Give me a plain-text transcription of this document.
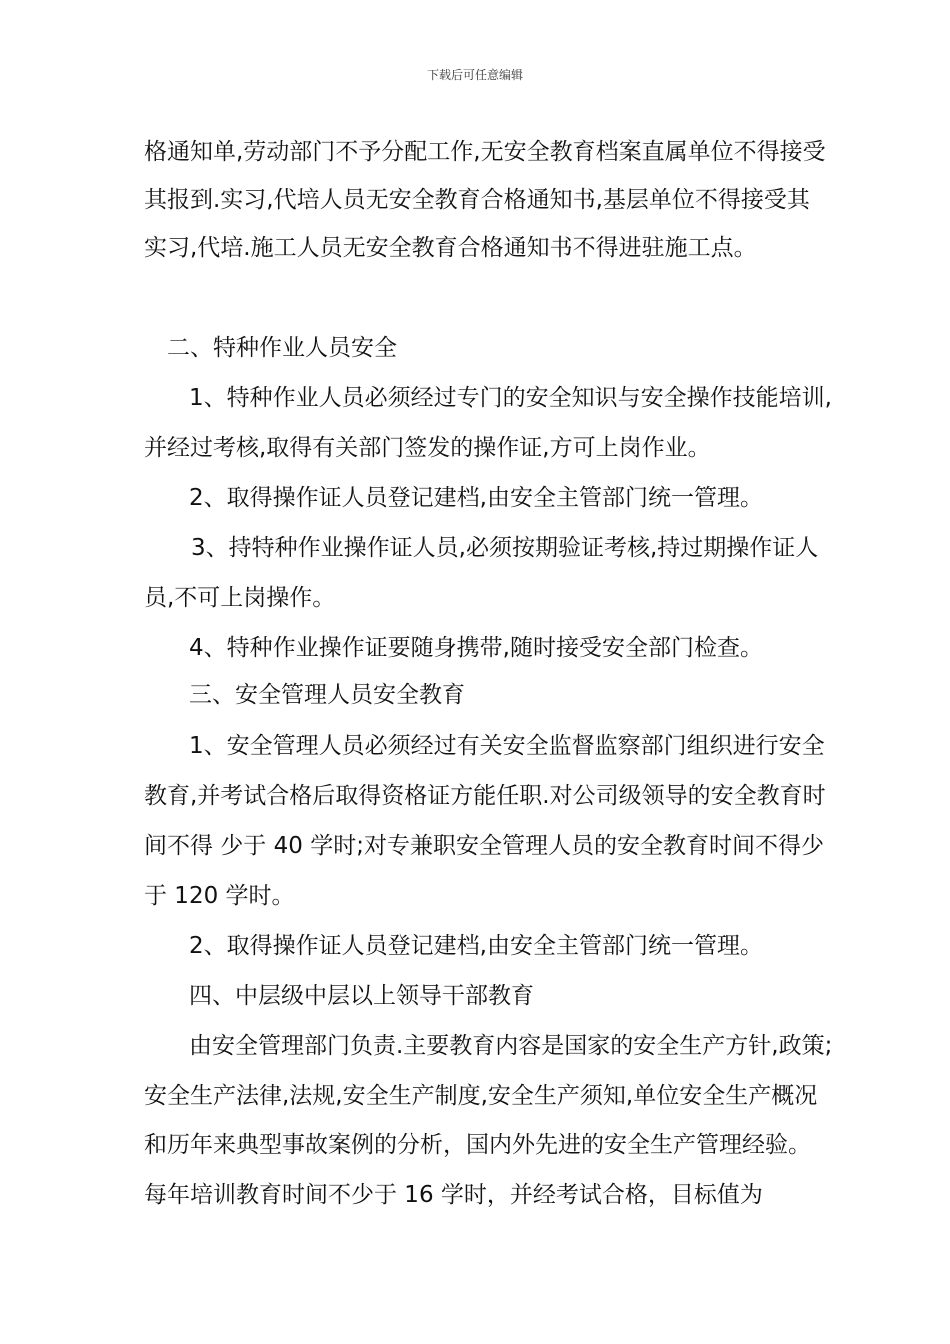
下载后可任意编辑
格通知单,劳动部门不予分配工作,无安全教育档案直属单位不得接受
其报到.实习,代培人员无安全教育合格通知书,基层单位不得接受其
实习,代培.施工人员无安全教育合格通知书不得进驻施工点。
二、特种作业人员安全
1、特种作业人员必须经过专门的安全知识与安全操作技能培训,
并经过考核,取得有关部门签发的操作证,方可上岗作业。
2、取得操作证人员登记建档,由安全主管部门统一管理。
3、持特种作业操作证人员,必须按期验证考核,持过期操作证人
员,不可上岗操作。
4、特种作业操作证要随身携带,随时接受安全部门检查。
三、安全管理人员安全教育
1、安全管理人员必须经过有关安全监督监察部门组织进行安全
教育,并考试合格后取得资格证方能任职.对公司级领导的安全教育时
间不得 少于 40 学时;对专兼职安全管理人员的安全教育时间不得少
于 120 学时。
2、取得操作证人员登记建档,由安全主管部门统一管理。
四、中层级中层以上领导干部教育
由安全管理部门负责.主要教育内容是国家的安全生产方针,政策;
安全生产法律,法规,安全生产制度,安全生产须知,单位安全生产概况
和历年来典型事故案例的分析，国内外先进的安全生产管理经验。
每年培训教育时间不少于 16 学时，并经考试合格，目标值为
